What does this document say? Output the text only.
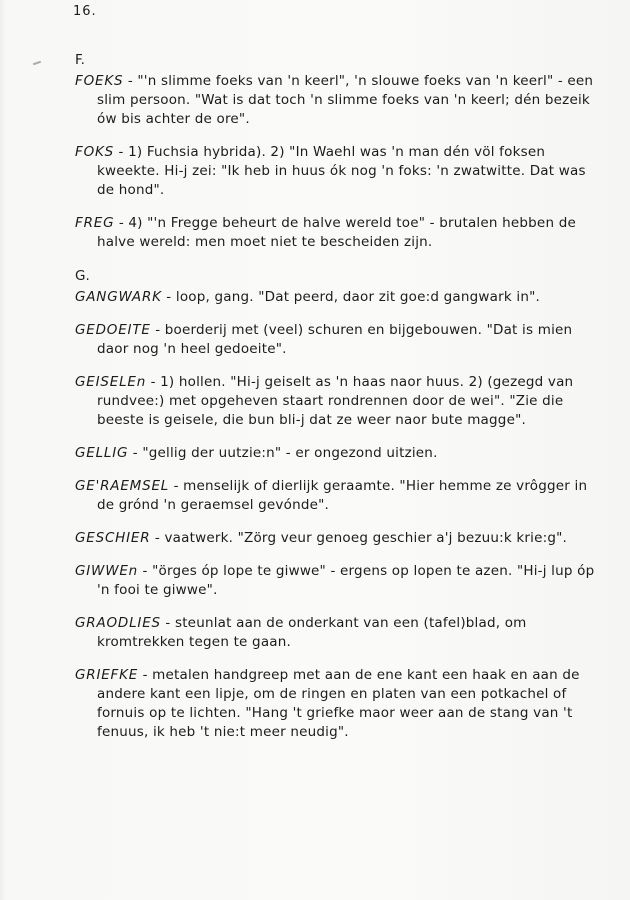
16.
F.

FOEKS - "'n slimme foeks van 'n keerl", 'n slouwe foeks van 'n keerl" - een slim persoon. "Wat is dat toch 'n slimme foeks van 'n keerl; dén bezeik ów bis achter de ore".

FOKS - 1) Fuchsia hybrida). 2) "In Waehl was 'n man dén völ foksen kweekte. Hi-j zei: "Ik heb in huus ók nog 'n foks: 'n zwatwitte. Dat was de hond".

FREG - 4) "'n Fregge beheurt de halve wereld toe" - brutalen hebben de halve wereld: men moet niet te bescheiden zijn.

G.

GANGWARK - loop, gang. "Dat peerd, daor zit goe:d gangwark in".

GEDOEITE - boerderij met (veel) schuren en bijgebouwen. "Dat is mien daor nog 'n heel gedoeite".

GEISELEn - 1) hollen. "Hi-j geiselt as 'n haas naor huus. 2) (gezegd van rundvee:) met opgeheven staart rondrennen door de wei". "Zie die beeste is geisele, die bun bli-j dat ze weer naor bute magge".

GELLIG - "gellig der uutzie:n" - er ongezond uitzien.

GE'RAEMSEL - menselijk of dierlijk geraamte. "Hier hemme ze vrôgger in de grónd 'n geraemsel gevónde".

GESCHIER - vaatwerk. "Zörg veur genoeg geschier a'j bezuu:k krie:g".

GIWWEn - "örges óp lope te giwwe" - ergens op lopen te azen. "Hi-j lup óp 'n fooi te giwwe".

GRAODLIES - steunlat aan de onderkant van een (tafel)blad, om kromtrekken tegen te gaan.

GRIEFKE - metalen handgreep met aan de ene kant een haak en aan de andere kant een lipje, om de ringen en platen van een potkachel of fornuis op te lichten. "Hang 't griefke maor weer aan de stang van 't fenuus, ik heb 't nie:t meer neudig".
